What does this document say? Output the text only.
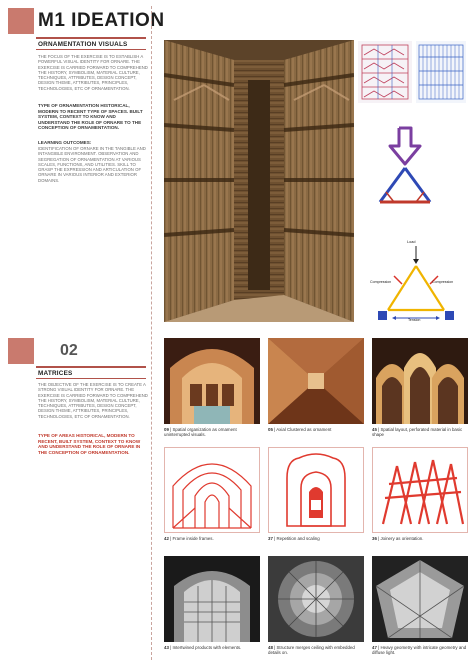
M1 IDEATION
ORNAMENTATION VISUALS
THE FOCUS OF THE EXERCISE IS TO ESTABLISH A POWERFUL VISUAL IDENTITY FOR ORNARE. THE EXERCISE IS CARRIED FORWARD TO COMPREHEND THE HISTORY, SYMBOLISM, MATERIAL CULTURE, TECHNIQUES, ATTRIBUTES, DESIGN CONCEPT, DESIGN THEME, ATTRIBUTES, PRINCIPLES, TECHNOLOGIES, ETC OF ORNAMENTATION.
TYPE OF ORNAMENTATION HISTORICAL, MODERN TO RECENT TYPE OF SPACES. BUILT SYSTEM, CONTEXT TO KNOW AND UNDERSTAND THE ROLE OF ORNARE TO THE CONCEPTION OF ORNAMENTATION.
LEARNING OUTCOMES:
IDENTIFICATION OF ORNARE IN THE TANGIBLE AND INTANGIBLE ENVIRONMENT. OBSERVATION AND SEGREGATION OF ORNAMENTATION AT VARIOUS SCALES, FUNCTIONS, AND UTILITIES. SKILL TO GRASP THE EXPRESSION AND ARTICULATION OF ORNARE IN VARIOUS INTERIOR AND EXTERIOR DOMAINS.
Load
Compression	Compression
Tension
02
MATRICES
THE OBJECTIVE OF THE EXERCISE IS TO CREATE A STRONG VISUAL IDENTITY FOR ORNARE. THE EXERCISE IS CARRIED FORWARD TO COMPREHEND THE HISTORY, SYMBOLISM, MATERIAL CULTURE, TECHNIQUES, ATTRIBUTES, DESIGN CONCEPT, DESIGN THEME, ATTRIBUTES, PRINCIPLES, TECHNOLOGIES, ETC OF ORNAMENTATION.
TYPE OF AREAS HISTORICAL, MODERN TO RECENT, BUILT SYSTEM, CONTEXT TO KNOW AND UNDERSTAND THE ROLE OF ORNARE IN THE CONCEPTION OF ORNAMENTATION.
09 | Spatial organization as ornament uninterrupted visuals.
05 | Axial Clustered as ornament	45 | Spatial layout, perforated material in basic shape
42 | Frame inside frames.	37 | Repetition and scaling	36 | Joinery as orientation.
43 | Intertwined products with elements.	48 | Structure merges ceiling with embedded details on.
47 | Heavy geometry with intricate geometry and diffuse light.
